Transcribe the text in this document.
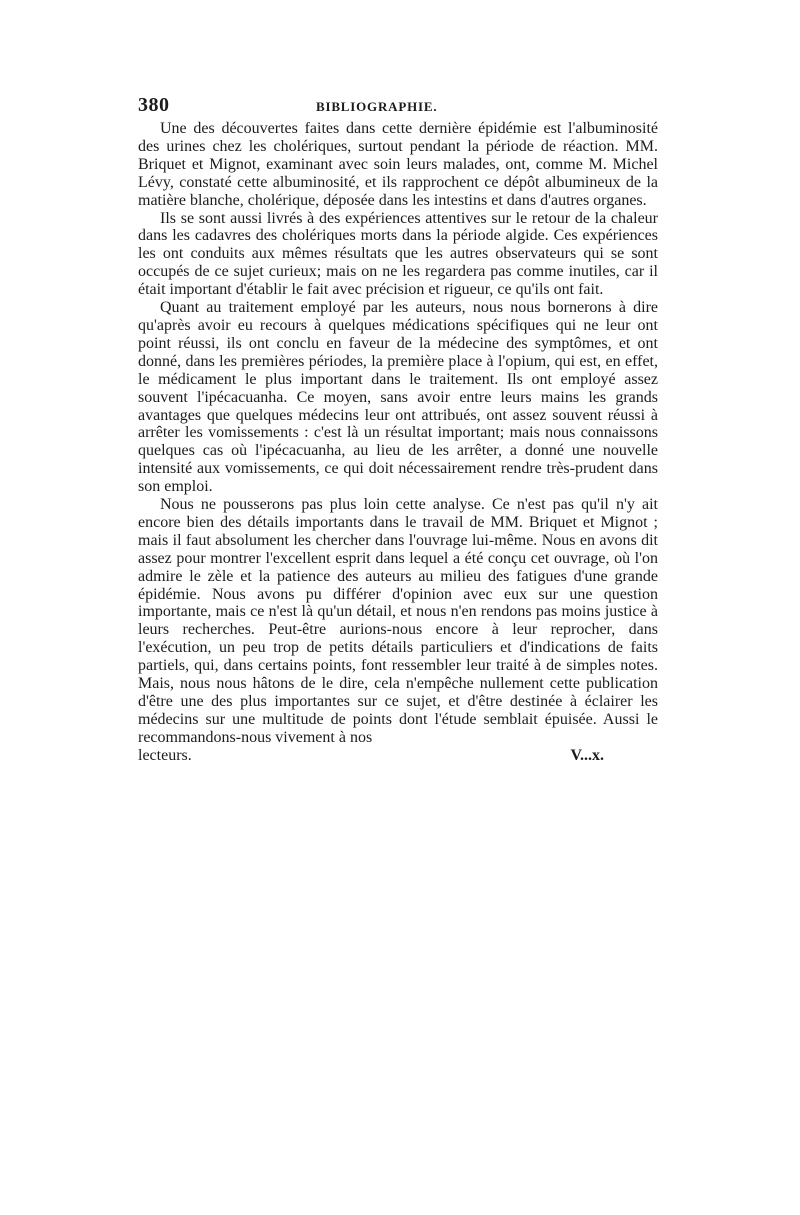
380	BIBLIOGRAPHIE.

Une des découvertes faites dans cette dernière épidémie est l'albuminosité des urines chez les cholériques, surtout pendant la période de réaction. MM. Briquet et Mignot, examinant avec soin leurs malades, ont, comme M. Michel Lévy, constaté cette albuminosité, et ils rapprochent ce dépôt albumineux de la matière blanche, cholérique, déposée dans les intestins et dans d'autres organes.

Ils se sont aussi livrés à des expériences attentives sur le retour de la chaleur dans les cadavres des cholériques morts dans la période algide. Ces expériences les ont conduits aux mêmes résultats que les autres observateurs qui se sont occupés de ce sujet curieux; mais on ne les regardera pas comme inutiles, car il était important d'établir le fait avec précision et rigueur, ce qu'ils ont fait.

Quant au traitement employé par les auteurs, nous nous bornerons à dire qu'après avoir eu recours à quelques médications spécifiques qui ne leur ont point réussi, ils ont conclu en faveur de la médecine des symptômes, et ont donné, dans les premières périodes, la première place à l'opium, qui est, en effet, le médicament le plus important dans le traitement. Ils ont employé assez souvent l'ipécacuanha. Ce moyen, sans avoir entre leurs mains les grands avantages que quelques médecins leur ont attribués, ont assez souvent réussi à arrêter les vomissements : c'est là un résultat important; mais nous connaissons quelques cas où l'ipécacuanha, au lieu de les arrêter, a donné une nouvelle intensité aux vomissements, ce qui doit nécessairement rendre très-prudent dans son emploi.

Nous ne pousserons pas plus loin cette analyse. Ce n'est pas qu'il n'y ait encore bien des détails importants dans le travail de MM. Briquet et Mignot ; mais il faut absolument les chercher dans l'ouvrage lui-même. Nous en avons dit assez pour montrer l'excellent esprit dans lequel a été conçu cet ouvrage, où l'on admire le zèle et la patience des auteurs au milieu des fatigues d'une grande épidémie. Nous avons pu différer d'opinion avec eux sur une question importante, mais ce n'est là qu'un détail, et nous n'en rendons pas moins justice à leurs recherches. Peut-être aurions-nous encore à leur reprocher, dans l'exécution, un peu trop de petits détails particuliers et d'indications de faits partiels, qui, dans certains points, font ressembler leur traité à de simples notes. Mais, nous nous hâtons de le dire, cela n'empêche nullement cette publication d'être une des plus importantes sur ce sujet, et d'être destinée à éclairer les médecins sur une multitude de points dont l'étude semblait épuisée. Aussi le recommandons-nous vivement à nos

lecteurs.	V...x.
